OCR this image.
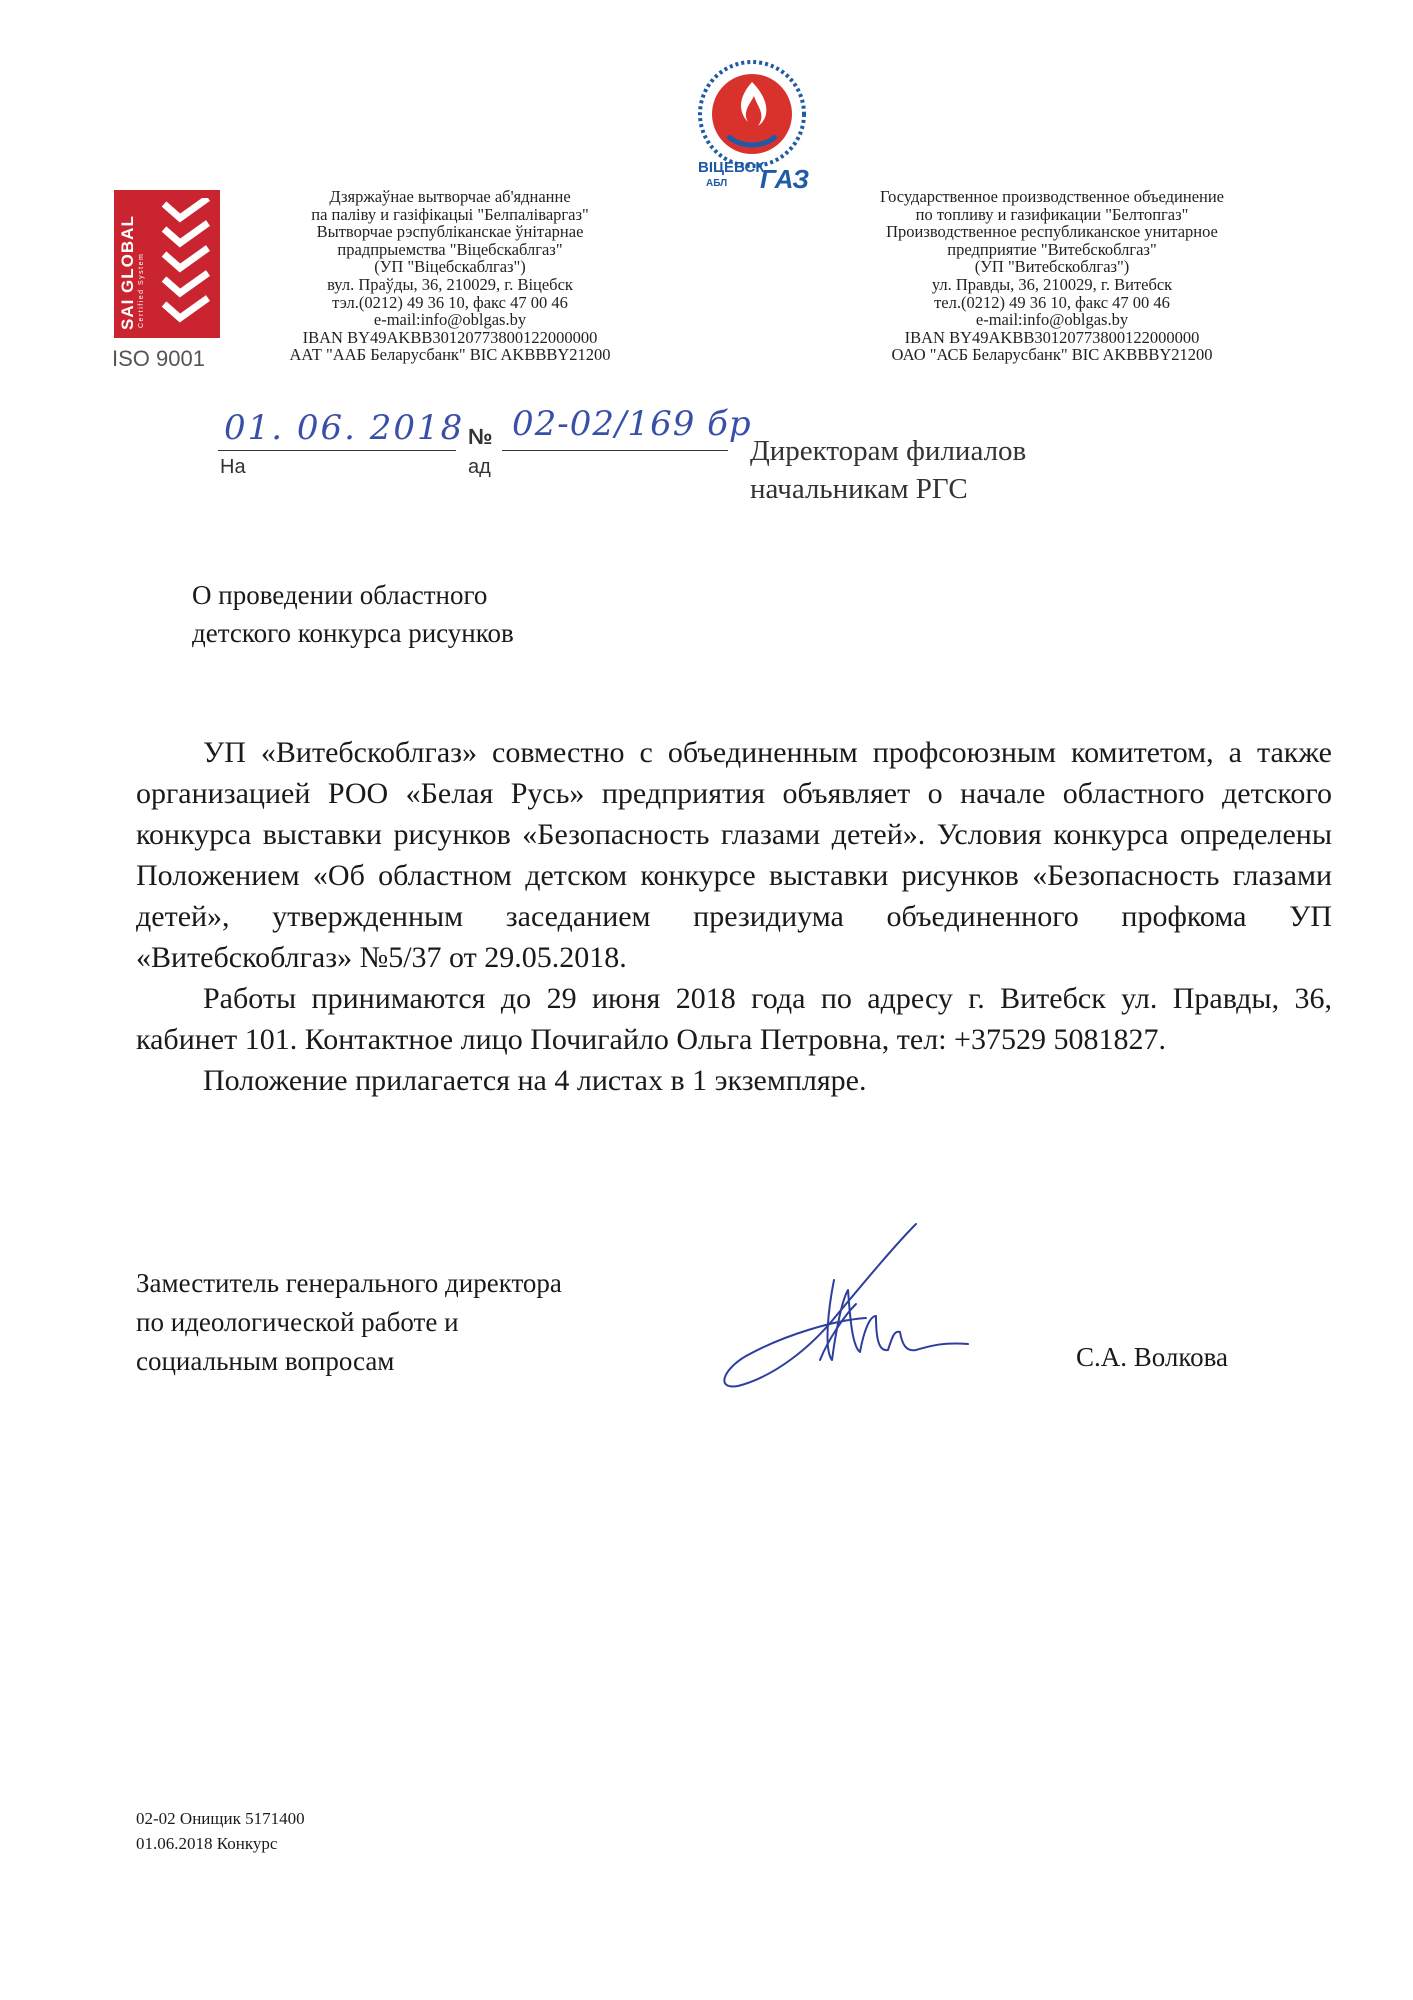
SAI GLOBAL Certified System
ISO 9001
ВІЦЕБСК
АБЛ ГАЗ
Дзяржаўнае вытворчае аб'яднанне
па паліву и газіфікацыі "Белпаліваргаз"
Вытворчае рэспубліканскае ўнітарнае
прадпрыемства "Віцебскаблгаз"
(УП "Віцебскаблгаз")
вул. Праўды, 36, 210029, г. Віцебск
тэл.(0212) 49 36 10, факс 47 00 46
e-mail:info@oblgas.by
IBAN BY49AKBB30120773800122000000
ААТ "ААБ Беларусбанк" BIC AKBBBY21200
Государственное производственное объединение
по топливу и газификации "Белтопгаз"
Производственное республиканское унитарное
предприятие "Витебскоблгаз"
(УП "Витебскоблгаз")
ул. Правды, 36, 210029, г. Витебск
тел.(0212) 49 36 10, факс 47 00 46
e-mail:info@oblgas.by
IBAN BY49AKBB30120773800122000000
ОАО "АСБ Беларусбанк" BIC AKBBBY21200
01. 06. 2018
На
№ 02-02/169 бр
ад	Директорам филиалов
начальникам РГС
О проведении областного
детского конкурса рисунков

УП «Витебскоблгаз» совместно с объединенным профсоюзным комитетом, а также организацией РОО «Белая Русь» предприятия объявляет о начале областного детского конкурса выставки рисунков «Безопасность глазами детей». Условия конкурса определены Положением «Об областном детском конкурсе выставки рисунков «Безопасность глазами детей», утвержденным заседанием президиума объединенного профкома УП «Витебскоблгаз» №5/37 от 29.05.2018.

Работы принимаются до 29 июня 2018 года по адресу г. Витебск ул. Правды, 36, кабинет 101. Контактное лицо Почигайло Ольга Петровна, тел: +37529 5081827.

Положение прилагается на 4 листах в 1 экземпляре.

Заместитель генерального директора
по идеологической работе и
социальным вопросам	С.А. Волкова
02-02 Онищик 5171400
01.06.2018 Конкурс
